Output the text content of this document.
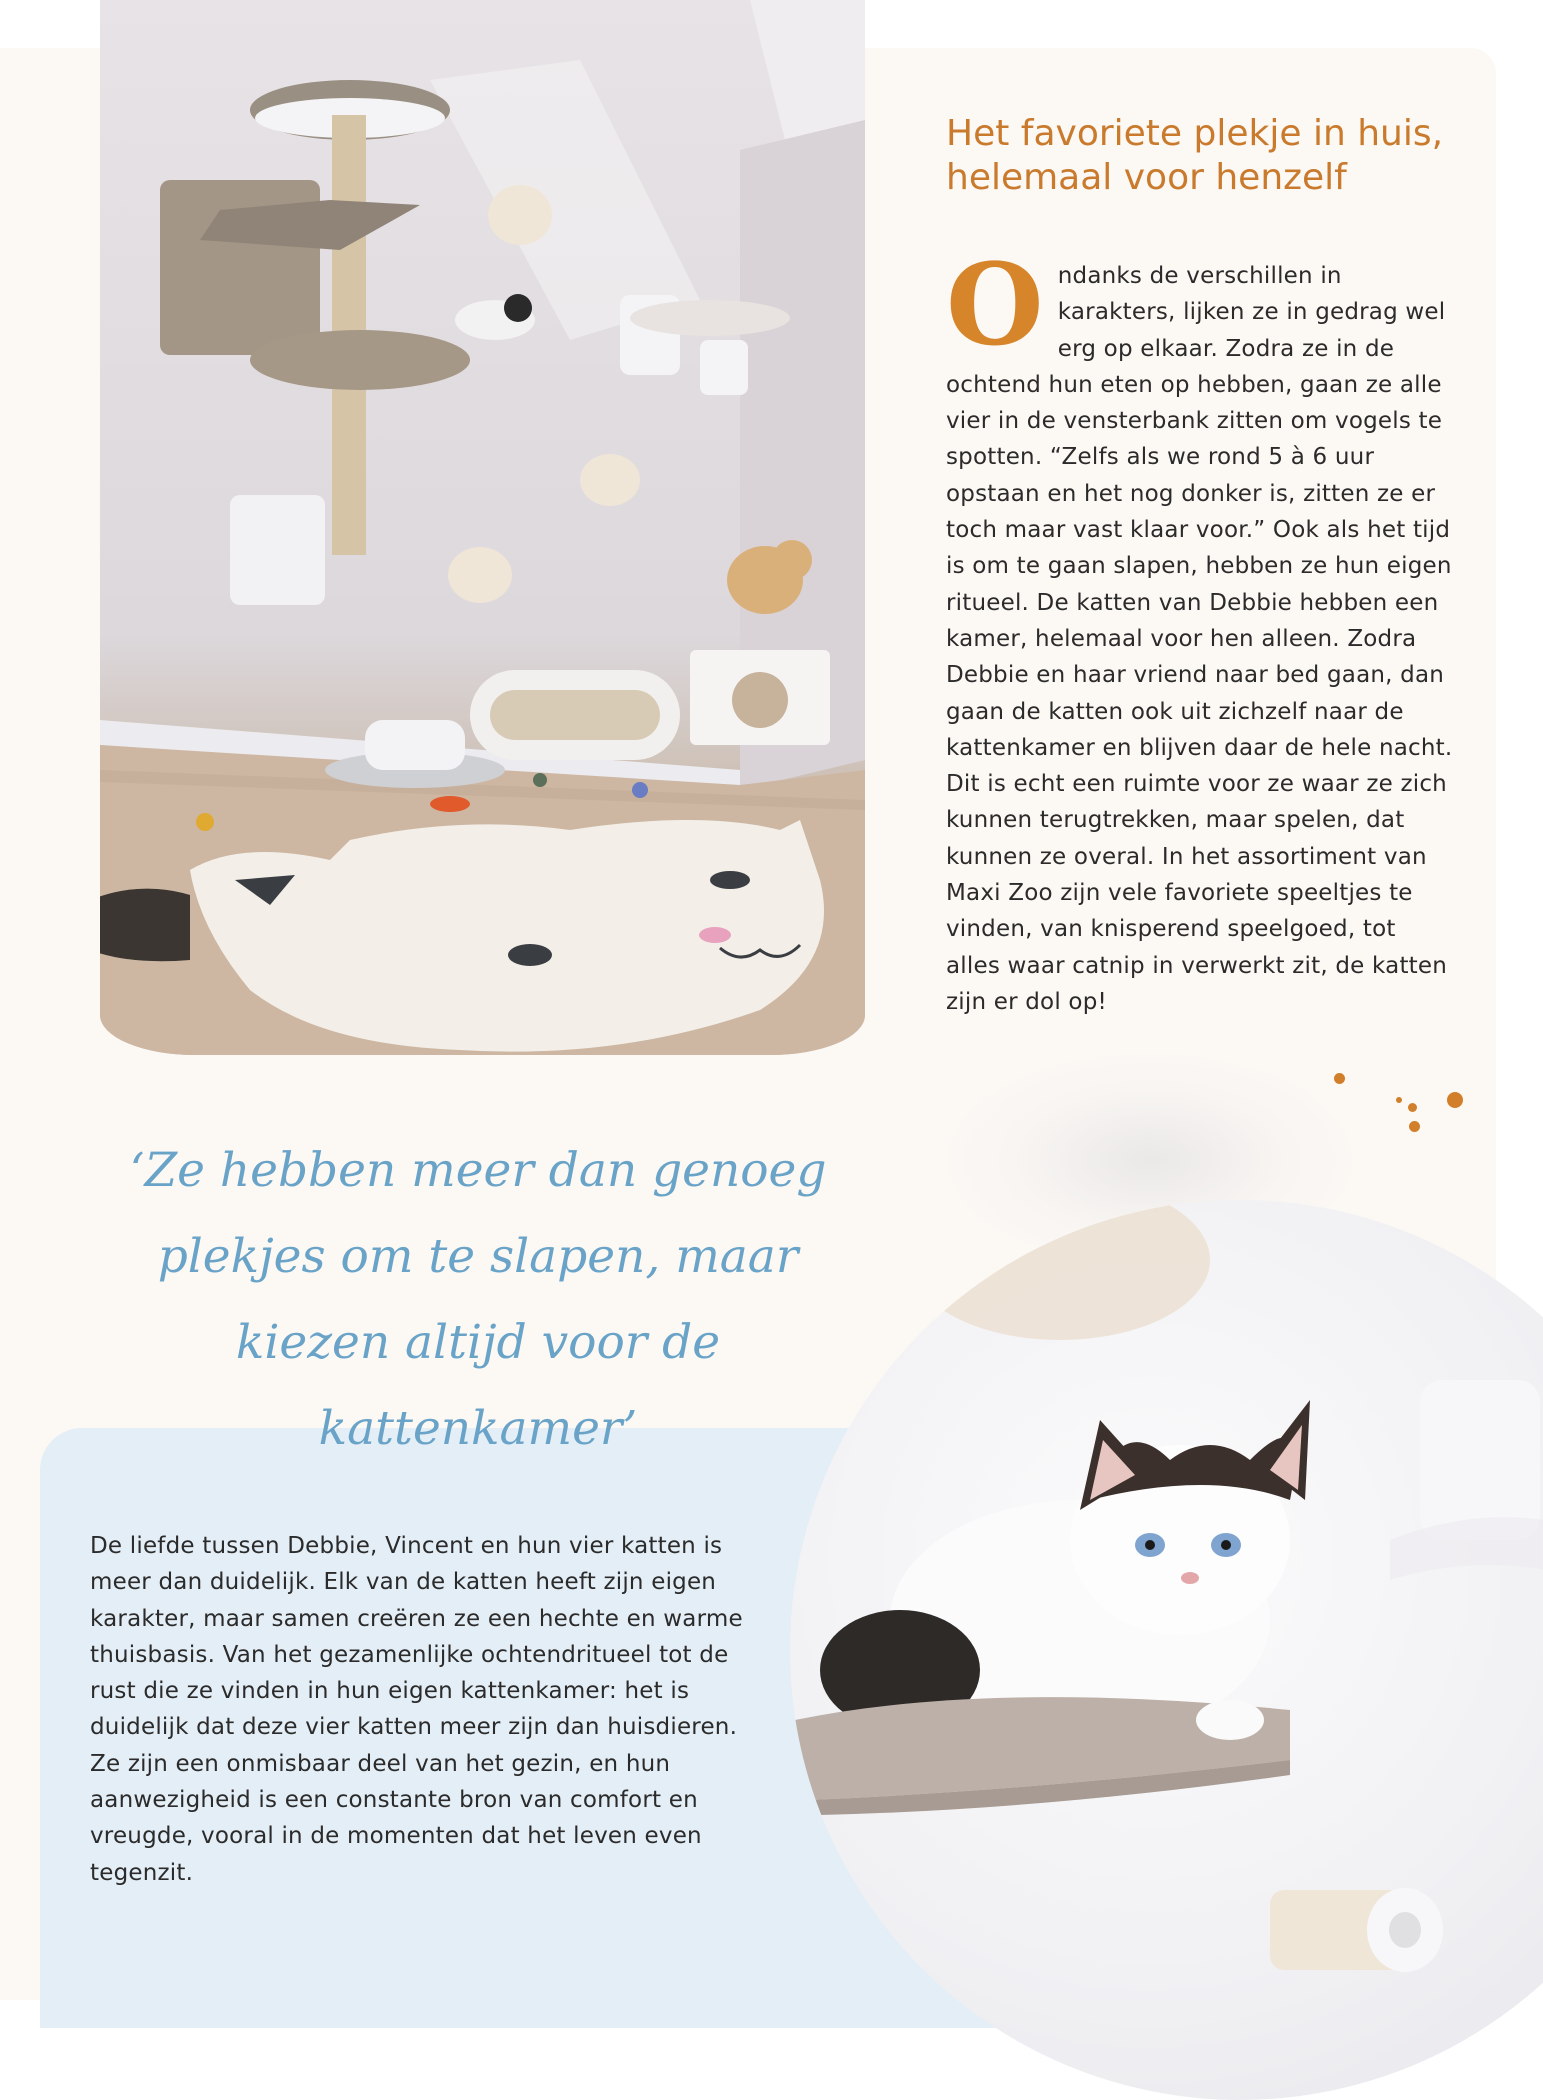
Het favoriete plekje in huis, helemaal voor henzelf

Ondanks de verschillen in karakters, lijken ze in gedrag wel erg op elkaar. Zodra ze in de ochtend hun eten op hebben, gaan ze alle vier in de vensterbank zitten om vogels te spotten. “Zelfs als we rond 5 à 6 uur opstaan en het nog donker is, zitten ze er toch maar vast klaar voor.” Ook als het tijd is om te gaan slapen, hebben ze hun eigen ritueel. De katten van Debbie hebben een kamer, helemaal voor hen alleen. Zodra Debbie en haar vriend naar bed gaan, dan gaan de katten ook uit zichzelf naar de kattenkamer en blijven daar de hele nacht. Dit is echt een ruimte voor ze waar ze zich kunnen terugtrekken, maar spelen, dat kunnen ze overal. In het assortiment van Maxi Zoo zijn vele favoriete speeltjes te vinden, van knisperend speelgoed, tot alles waar catnip in verwerkt zit, de katten zijn er dol op!

‘Ze hebben meer dan genoeg plekjes om te slapen, maar kiezen altijd voor de kattenkamer’

De liefde tussen Debbie, Vincent en hun vier katten is meer dan duidelijk. Elk van de katten heeft zijn eigen karakter, maar samen creëren ze een hechte en warme thuisbasis. Van het gezamenlijke ochtendritueel tot de rust die ze vinden in hun eigen kattenkamer: het is duidelijk dat deze vier katten meer zijn dan huisdieren. Ze zijn een onmisbaar deel van het gezin, en hun aanwezigheid is een constante bron van comfort en vreugde, vooral in de momenten dat het leven even tegenzit.
